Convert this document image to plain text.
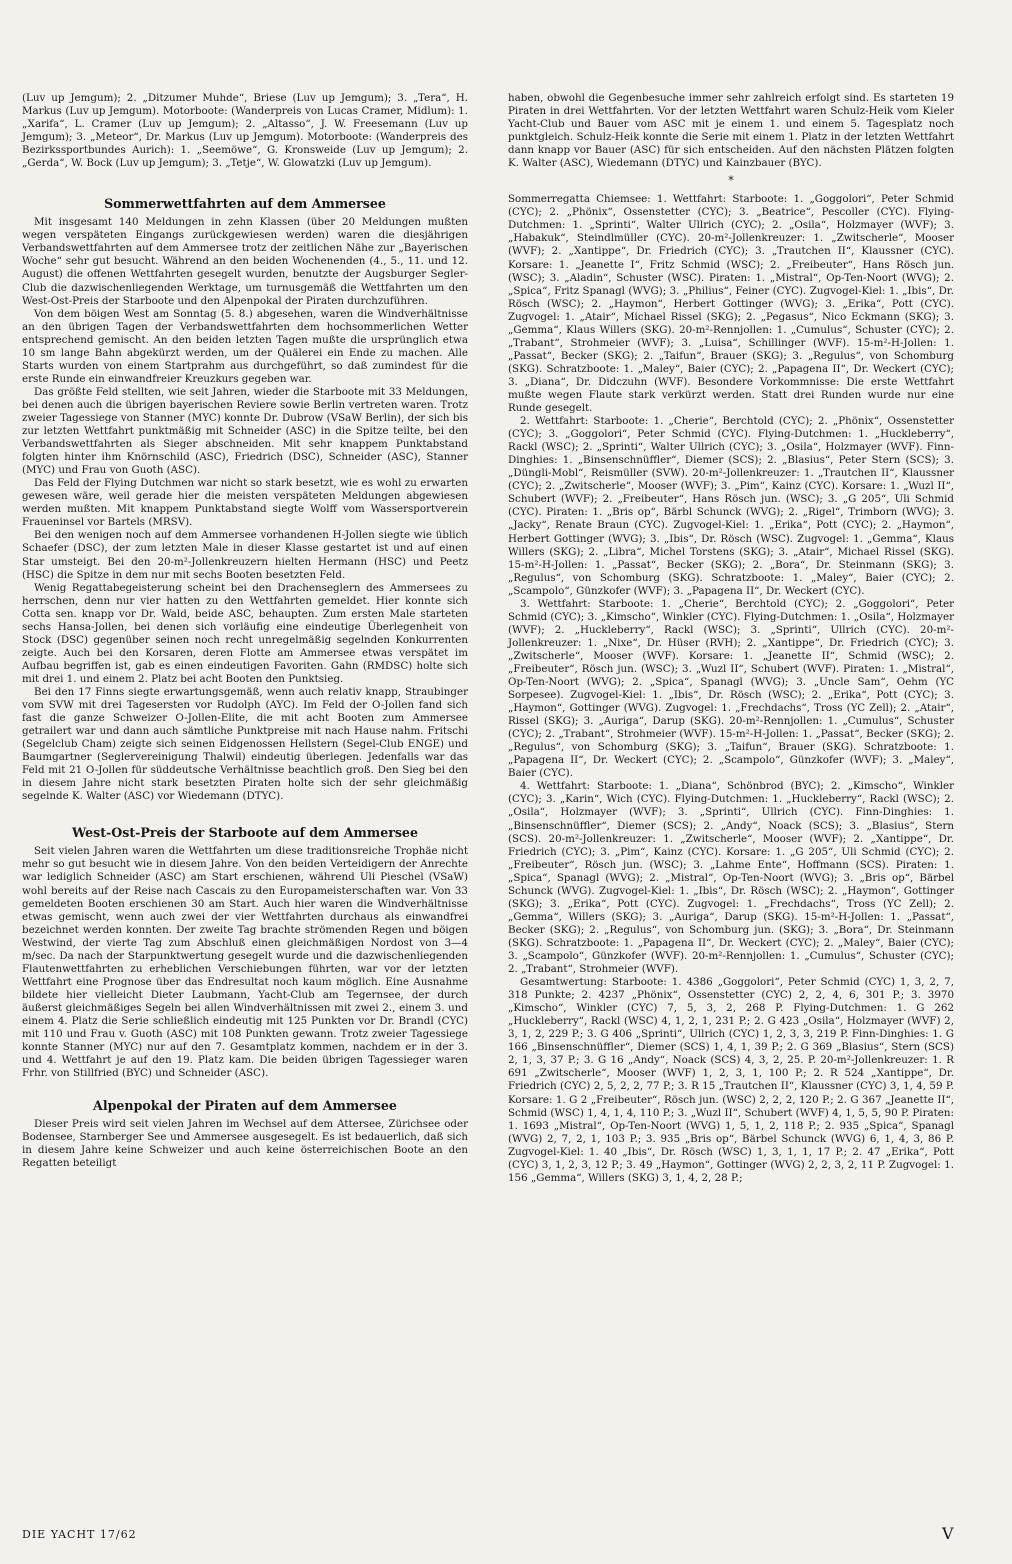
(Luv up Jemgum); 2. „Ditzumer Muhde“, Briese (Luv up Jemgum); 3. „Tera“, H. Markus (Luv up Jemgum). Motorboote: (Wanderpreis von Lucas Cramer, Midlum): 1. „Xarifa“, L. Cramer (Luv up Jemgum); 2. „Altasso“, J. W. Freesemann (Luv up Jemgum); 3. „Meteor“, Dr. Markus (Luv up Jemgum). Motorboote: (Wanderpreis des Bezirkssportbundes Aurich): 1. „Seemöwe“, G. Kronsweide (Luv up Jemgum); 2. „Gerda“, W. Bock (Luv up Jemgum); 3. „Tetje“, W. Glowatzki (Luv up Jemgum).

Sommerwettfahrten auf dem Ammersee

Mit insgesamt 140 Meldungen in zehn Klassen (über 20 Meldungen mußten wegen verspäteten Eingangs zurückgewiesen werden) waren die diesjährigen Verbandswettfahrten auf dem Ammersee trotz der zeitlichen Nähe zur „Bayerischen Woche“ sehr gut besucht. Während an den beiden Wochenenden (4., 5., 11. und 12. August) die offenen Wettfahrten gesegelt wurden, benutzte der Augsburger Segler-Club die dazwischenliegenden Werktage, um turnusgemäß die Wettfahrten um den West-Ost-Preis der Starboote und den Alpenpokal der Piraten durchzuführen.

Von dem böigen West am Sonntag (5. 8.) abgesehen, waren die Windverhältnisse an den übrigen Tagen der Verbandswettfahrten dem hochsommerlichen Wetter entsprechend gemischt. An den beiden letzten Tagen mußte die ursprünglich etwa 10 sm lange Bahn abgekürzt werden, um der Quälerei ein Ende zu machen. Alle Starts wurden von einem Startprahm aus durchgeführt, so daß zumindest für die erste Runde ein einwandfreier Kreuzkurs gegeben war.

Das größte Feld stellten, wie seit Jahren, wieder die Starboote mit 33 Meldungen, bei denen auch die übrigen bayerischen Reviere sowie Berlin vertreten waren. Trotz zweier Tagessiege von Stanner (MYC) konnte Dr. Dubrow (VSaW Berlin), der sich bis zur letzten Wettfahrt punktmäßig mit Schneider (ASC) in die Spitze teilte, bei den Verbandswettfahrten als Sieger abschneiden. Mit sehr knappem Punktabstand folgten hinter ihm Knörnschild (ASC), Friedrich (DSC), Schneider (ASC), Stanner (MYC) und Frau von Guoth (ASC).

Das Feld der Flying Dutchmen war nicht so stark besetzt, wie es wohl zu erwarten gewesen wäre, weil gerade hier die meisten verspäteten Meldungen abgewiesen werden mußten. Mit knappem Punktabstand siegte Wolff vom Wassersportverein Fraueninsel vor Bartels (MRSV).

Bei den wenigen noch auf dem Ammersee vorhandenen H-Jollen siegte wie üblich Schaefer (DSC), der zum letzten Male in dieser Klasse gestartet ist und auf einen Star umsteigt. Bei den 20-m²-Jollenkreuzern hielten Hermann (HSC) und Peetz (HSC) die Spitze in dem nur mit sechs Booten besetzten Feld.

Wenig Regattabegeisterung scheint bei den Drachenseglern des Ammersees zu herrschen, denn nur vier hatten zu den Wettfahrten gemeldet. Hier konnte sich Cotta sen. knapp vor Dr. Wald, beide ASC, behaupten. Zum ersten Male starteten sechs Hansa-Jollen, bei denen sich vorläufig eine eindeutige Überlegenheit von Stock (DSC) gegenüber seinen noch recht unregelmäßig segelnden Konkurrenten zeigte. Auch bei den Korsaren, deren Flotte am Ammersee etwas verspätet im Aufbau begriffen ist, gab es einen eindeutigen Favoriten. Gahn (RMDSC) holte sich mit drei 1. und einem 2. Platz bei acht Booten den Punktsieg.

Bei den 17 Finns siegte erwartungsgemäß, wenn auch relativ knapp, Straubinger vom SVW mit drei Tagesersten vor Rudolph (AYC). Im Feld der O-Jollen fand sich fast die ganze Schweizer O-Jollen-Elite, die mit acht Booten zum Ammersee getrailert war und dann auch sämtliche Punktpreise mit nach Hause nahm. Fritschi (Segelclub Cham) zeigte sich seinen Eidgenossen Hellstern (Segel-Club ENGE) und Baumgartner (Seglervereinigung Thalwil) eindeutig überlegen. Jedenfalls war das Feld mit 21 O-Jollen für süddeutsche Verhältnisse beachtlich groß. Den Sieg bei den in diesem Jahre nicht stark besetzten Piraten holte sich der sehr gleichmäßig segelnde K. Walter (ASC) vor Wiedemann (DTYC).

West-Ost-Preis der Starboote auf dem Ammersee

Seit vielen Jahren waren die Wettfahrten um diese traditionsreiche Trophäe nicht mehr so gut besucht wie in diesem Jahre. Von den beiden Verteidigern der Anrechte war lediglich Schneider (ASC) am Start erschienen, während Uli Pieschel (VSaW) wohl bereits auf der Reise nach Cascais zu den Europameisterschaften war. Von 33 gemeldeten Booten erschienen 30 am Start. Auch hier waren die Windverhältnisse etwas gemischt, wenn auch zwei der vier Wettfahrten durchaus als einwandfrei bezeichnet werden konnten. Der zweite Tag brachte strömenden Regen und böigen Westwind, der vierte Tag zum Abschluß einen gleichmäßigen Nordost von 3—4 m/sec. Da nach der Starpunktwertung gesegelt wurde und die dazwischenliegenden Flautenwettfahrten zu erheblichen Verschiebungen führten, war vor der letzten Wettfahrt eine Prognose über das Endresultat noch kaum möglich. Eine Ausnahme bildete hier vielleicht Dieter Laubmann, Yacht-Club am Tegernsee, der durch äußerst gleichmäßiges Segeln bei allen Windverhältnissen mit zwei 2., einem 3. und einem 4. Platz die Serie schließlich eindeutig mit 125 Punkten vor Dr. Brandl (CYC) mit 110 und Frau v. Guoth (ASC) mit 108 Punkten gewann. Trotz zweier Tagessiege konnte Stanner (MYC) nur auf den 7. Gesamtplatz kommen, nachdem er in der 3. und 4. Wettfahrt je auf den 19. Platz kam. Die beiden übrigen Tagessieger waren Frhr. von Stillfried (BYC) und Schneider (ASC).

Alpenpokal der Piraten auf dem Ammersee

Dieser Preis wird seit vielen Jahren im Wechsel auf dem Attersee, Zürichsee oder Bodensee, Starnberger See und Ammersee ausgesegelt. Es ist bedauerlich, daß sich in diesem Jahre keine Schweizer und auch keine österreichischen Boote an den Regatten beteiligt

haben, obwohl die Gegenbesuche immer sehr zahlreich erfolgt sind. Es starteten 19 Piraten in drei Wettfahrten. Vor der letzten Wettfahrt waren Schulz-Heik vom Kieler Yacht-Club und Bauer vom ASC mit je einem 1. und einem 5. Tagesplatz noch punktgleich. Schulz-Heik konnte die Serie mit einem 1. Platz in der letzten Wettfahrt dann knapp vor Bauer (ASC) für sich entscheiden. Auf den nächsten Plätzen folgten K. Walter (ASC), Wiedemann (DTYC) und Kainzbauer (BYC).

*

Sommerregatta Chiemsee: 1. Wettfahrt: Starboote: 1. „Goggolori“, Peter Schmid (CYC); 2. „Phönix“, Ossenstetter (CYC); 3. „Beatrice“, Pescoller (CYC). Flying-Dutchmen: 1. „Sprinti“, Walter Ullrich (CYC); 2. „Osila“, Holzmayer (WVF); 3. „Habakuk“, Steindlmüller (CYC). 20-m²-Jollenkreuzer: 1. „Zwitscherle“, Mooser (WVF); 2. „Xantippe“, Dr. Friedrich (CYC); 3. „Trautchen II“, Klaussner (CYC). Korsare: 1. „Jeanette I“, Fritz Schmid (WSC); 2. „Freibeuter“, Hans Rösch jun. (WSC); 3. „Aladin“, Schuster (WSC). Piraten: 1. „Mistral“, Op-Ten-Noort (WVG); 2. „Spica“, Fritz Spanagl (WVG); 3. „Philius“, Feiner (CYC). Zugvogel-Kiel: 1. „Ibis“, Dr. Rösch (WSC); 2. „Haymon“, Herbert Gottinger (WVG); 3. „Erika“, Pott (CYC). Zugvogel: 1. „Atair“, Michael Rissel (SKG); 2. „Pegasus“, Nico Eckmann (SKG); 3. „Gemma“, Klaus Willers (SKG). 20-m²-Rennjollen: 1. „Cumulus“, Schuster (CYC); 2. „Trabant“, Strohmeier (WVF); 3. „Luisa“, Schillinger (WVF). 15-m²-H-Jollen: 1. „Passat“, Becker (SKG); 2. „Taifun“, Brauer (SKG); 3. „Regulus“, von Schomburg (SKG). Schratzboote: 1. „Maley“, Baier (CYC); 2. „Papagena II“, Dr. Weckert (CYC); 3. „Diana“, Dr. Didczuhn (WVF). Besondere Vorkommnisse: Die erste Wettfahrt mußte wegen Flaute stark verkürzt werden. Statt drei Runden wurde nur eine Runde gesegelt.

2. Wettfahrt: Starboote: 1. „Cherie“, Berchtold (CYC); 2. „Phönix“, Ossenstetter (CYC); 3. „Goggolori“, Peter Schmid (CYC). Flying-Dutchmen: 1. „Huckleberry“, Rackl (WSC); 2. „Sprinti“, Walter Ullrich (CYC); 3. „Osila“, Holzmayer (WVF). Finn-Dinghies: 1. „Binsenschnüffler“, Diemer (SCS); 2. „Blasius“, Peter Stern (SCS); 3. „Düngli-Mobl“, Reismüller (SVW). 20-m²-Jollenkreuzer: 1. „Trautchen II“, Klaussner (CYC); 2. „Zwitscherle“, Mooser (WVF); 3. „Pim“, Kainz (CYC). Korsare: 1. „Wuzl II“, Schubert (WVF); 2. „Freibeuter“, Hans Rösch jun. (WSC); 3. „G 205“, Uli Schmid (CYC). Piraten: 1. „Bris op“, Bärbl Schunck (WVG); 2. „Rigel“, Trimborn (WVG); 3. „Jacky“, Renate Braun (CYC). Zugvogel-Kiel: 1. „Erika“, Pott (CYC); 2. „Haymon“, Herbert Gottinger (WVG); 3. „Ibis“, Dr. Rösch (WSC). Zugvogel: 1. „Gemma“, Klaus Willers (SKG); 2. „Libra“, Michel Torstens (SKG); 3. „Atair“, Michael Rissel (SKG). 15-m²-H-Jollen: 1. „Passat“, Becker (SKG); 2. „Bora“, Dr. Steinmann (SKG); 3. „Regulus“, von Schomburg (SKG). Schratzboote: 1. „Maley“, Baier (CYC); 2. „Scampolo“, Günzkofer (WVF); 3. „Papagena II“, Dr. Weckert (CYC).

3. Wettfahrt: Starboote: 1. „Cherie“, Berchtold (CYC); 2. „Goggolori“, Peter Schmid (CYC); 3. „Kimscho“, Winkler (CYC). Flying-Dutchmen: 1. „Osila“, Holzmayer (WVF); 2. „Huckleberry“, Rackl (WSC); 3. „Sprinti“, Ullrich (CYC). 20-m²-Jollenkreuzer: 1. „Nixe“, Dr. Hüser (RVH); 2. „Xantippe“, Dr. Friedrich (CYC); 3. „Zwitscherle“, Mooser (WVF). Korsare: 1. „Jeanette II“, Schmid (WSC); 2. „Freibeuter“, Rösch jun. (WSC); 3. „Wuzl II“, Schubert (WVF). Piraten: 1. „Mistral“, Op-Ten-Noort (WVG); 2. „Spica“, Spanagl (WVG); 3. „Uncle Sam“, Oehm (YC Sorpesee). Zugvogel-Kiel: 1. „Ibis“, Dr. Rösch (WSC); 2. „Erika“, Pott (CYC); 3. „Haymon“, Gottinger (WVG). Zugvogel: 1. „Frechdachs“, Tross (YC Zell); 2. „Atair“, Rissel (SKG); 3. „Auriga“, Darup (SKG). 20-m²-Rennjollen: 1. „Cumulus“, Schuster (CYC); 2. „Trabant“, Strohmeier (WVF). 15-m²-H-Jollen: 1. „Passat“, Becker (SKG); 2. „Regulus“, von Schomburg (SKG); 3. „Taifun“, Brauer (SKG). Schratzboote: 1. „Papagena II“, Dr. Weckert (CYC); 2. „Scampolo“, Günzkofer (WVF); 3. „Maley“, Baier (CYC).

4. Wettfahrt: Starboote: 1. „Diana“, Schönbrod (BYC); 2. „Kimscho“, Winkler (CYC); 3. „Karin“, Wich (CYC). Flying-Dutchmen: 1. „Huckleberry“, Rackl (WSC); 2. „Osila“, Holzmayer (WVF); 3. „Sprinti“, Ullrich (CYC). Finn-Dinghies: 1. „Binsenschnüffler“, Diemer (SCS); 2. „Andy“, Noack (SCS); 3. „Blasius“, Stern (SCS). 20-m²-Jollenkreuzer: 1. „Zwitscherle“, Mooser (WVF); 2. „Xantippe“, Dr. Friedrich (CYC); 3. „Pim“, Kainz (CYC). Korsare: 1. „G 205“, Uli Schmid (CYC); 2. „Freibeuter“, Rösch jun. (WSC); 3. „Lahme Ente“, Hoffmann (SCS). Piraten: 1. „Spica“, Spanagl (WVG); 2. „Mistral“, Op-Ten-Noort (WVG); 3. „Bris op“, Bärbel Schunck (WVG). Zugvogel-Kiel: 1. „Ibis“, Dr. Rösch (WSC); 2. „Haymon“, Gottinger (SKG); 3. „Erika“, Pott (CYC). Zugvogel: 1. „Frechdachs“, Tross (YC Zell); 2. „Gemma“, Willers (SKG); 3. „Auriga“, Darup (SKG). 15-m²-H-Jollen: 1. „Passat“, Becker (SKG); 2. „Regulus“, von Schomburg jun. (SKG); 3. „Bora“, Dr. Steinmann (SKG). Schratzboote: 1. „Papagena II“, Dr. Weckert (CYC); 2. „Maley“, Baier (CYC); 3. „Scampolo“, Günzkofer (WVF). 20-m²-Rennjollen: 1. „Cumulus“, Schuster (CYC); 2. „Trabant“, Strohmeier (WVF).

Gesamtwertung: Starboote: 1. 4386 „Goggolori“, Peter Schmid (CYC) 1, 3, 2, 7, 318 Punkte; 2. 4237 „Phönix“, Ossenstetter (CYC) 2, 2, 4, 6, 301 P.; 3. 3970 „Kimscho“, Winkler (CYC) 7, 5, 3, 2, 268 P. Flying-Dutchmen: 1. G 262 „Huckleberry“, Rackl (WSC) 4, 1, 2, 1, 231 P.; 2. G 423 „Osila“, Holzmayer (WVF) 2, 3, 1, 2, 229 P.; 3. G 406 „Sprinti“, Ullrich (CYC) 1, 2, 3, 3, 219 P. Finn-Dinghies: 1. G 166 „Binsenschnüffler“, Diemer (SCS) 1, 4, 1, 39 P.; 2. G 369 „Blasius“, Stern (SCS) 2, 1, 3, 37 P.; 3. G 16 „Andy“, Noack (SCS) 4, 3, 2, 25. P. 20-m²-Jollenkreuzer: 1. R 691 „Zwitscherle“, Mooser (WVF) 1, 2, 3, 1, 100 P.; 2. R 524 „Xantippe“, Dr. Friedrich (CYC) 2, 5, 2, 2, 77 P.; 3. R 15 „Trautchen II“, Klaussner (CYC) 3, 1, 4, 59 P. Korsare: 1. G 2 „Freibeuter“, Rösch jun. (WSC) 2, 2, 2, 120 P.; 2. G 367 „Jeanette II“, Schmid (WSC) 1, 4, 1, 4, 110 P.; 3. „Wuzl II“, Schubert (WVF) 4, 1, 5, 5, 90 P. Piraten: 1. 1693 „Mistral“, Op-Ten-Noort (WVG) 1, 5, 1, 2, 118 P.; 2. 935 „Spica“, Spanagl (WVG) 2, 7, 2, 1, 103 P.; 3. 935 „Bris op“, Bärbel Schunck (WVG) 6, 1, 4, 3, 86 P. Zugvogel-Kiel: 1. 40 „Ibis“, Dr. Rösch (WSC) 1, 3, 1, 1, 17 P.; 2. 47 „Erika“, Pott (CYC) 3, 1, 2, 3, 12 P.; 3. 49 „Haymon“, Gottinger (WVG) 2, 2, 3, 2, 11 P. Zugvogel: 1. 156 „Gemma“, Willers (SKG) 3, 1, 4, 2, 28 P.;

DIE YACHT 17/62	V
